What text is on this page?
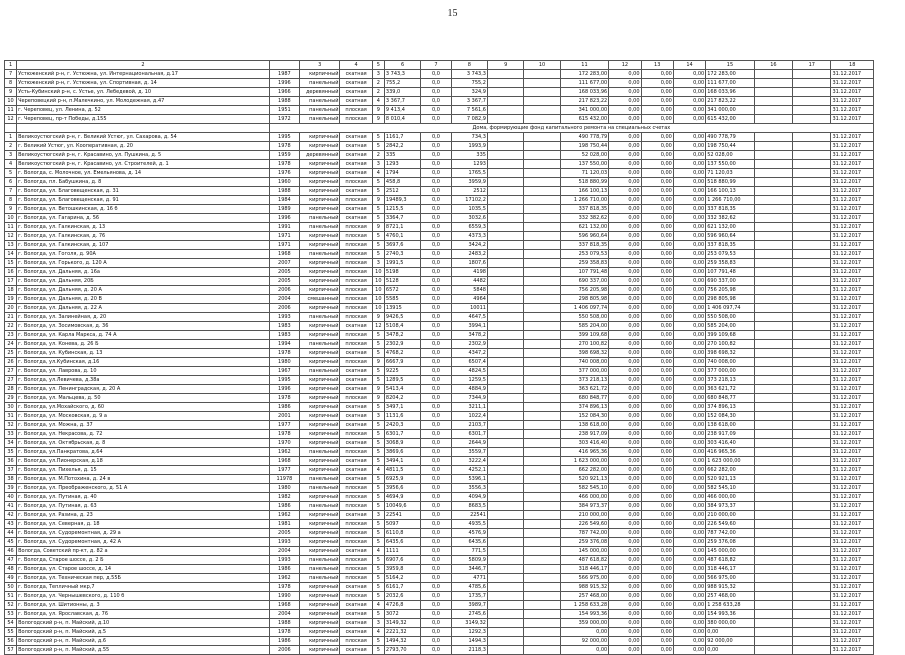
15
1	2		3	4	5	6	7	8	9	10	11	12	13	14	15	16	17	18
7	Устюженский р-н, г. Устюжна, ул. Интернациональная, д.17	1987	кирпичный	скатная	3	3 743,3	0,0	3 743,3			172 283,00	0,00	0,00	0,00	172 283,00			31.12.2017
8	Устюженский р-н, г. Устюжна, ул. Спортивная, д. 14	1996	панельный	скатная	2	755,2	0,0	755,2			111 677,00	0,00	0,00	0,00	111 677,00			31.12.2017
9	Усть-Кубинский р-н, с. Устье, ул. Лебедевой, д. 10	1966	деревянный	скатная	2	339,0	0,0	324,9			168 033,96	0,00	0,00	0,00	168 033,96			31.12.2017
10	Череповецкий р-н, п.Малечкино, ул. Молодежная, д.47	1988	панельный	скатная	4	3 367,7	0,0	3 367,7			217 823,22	0,00	0,00	0,00	217 823,22			31.12.2017
11	г. Череповец, ул. Ленина, д. 52	1951	панельный	плоская	9	9 413,4	0,0	7 561,6			341 000,00	0,00	0,00	0,00	341 000,00			31.12.2017
12	г. Череповец, пр-т Победы, д.155	1972	панельный	плоская	9	8 010,4	0,0	7 082,9			615 432,00	0,00	0,00	0,00	615 432,00			31.12.2017
		Дома, формирующие фонд капитального ремонта на специальных счетах																
1	Великоустюгский р-н, г. Великий Устюг, ул. Сахарова, д. 54	1995	кирпичный	скатная	5	1161,7	0,0	734,3			490 778,79	0,00	0,00	0,00	490 778,79			31.12.2017
2	г. Великий Устюг, ул. Кооперативная, д. 20	1978	кирпичный	скатная	5	2842,2	0,0	1993,9			198 750,44	0,00	0,00	0,00	198 750,44			31.12.2017
3	Великоустюгский р-н, г. Красавино, ул. Пушкина, д. 5	1959	деревянный	скатная	2	335	0,0	335			52 028,00	0,00	0,00	0,00	52 028,00			31.12.2017
4	Великоустюгский р-н, г. Красавино, ул. Строителей, д. 1	1978	кирпичный	скатная	3	1293	0,0	1293			137 550,00	0,00	0,00	0,00	137 550,00			31.12.2017
5	г. Вологда, с. Молочное, ул. Емельянова, д. 14	1976	кирпичный	скатная	4	1794	0,0	1765,5			71 120,03	0,00	0,00	0,00	71 120,03			31.12.2017
6	г. Вологда, пл. Бабушкина, д. 8	1960	кирпичный	плоская	5	458,8	0,0	3959,9			518 880,99	0,00	0,00	0,00	518 880,99			31.12.2017
7	г. Вологда, ул. Благовещенская, д. 31	1988	кирпичный	скатная	5	2512	0,0	2512			166 100,13	0,00	0,00	0,00	166 100,13			31.12.2017
8	г. Вологда, ул. Благовещенская, д. 91	1984	кирпичный	плоская	9	19489,3	0,0	17102,2			1 266 710,00	0,00	0,00	0,00	1 266 710,00			31.12.2017
9	г. Вологда, ул. Ветошкинская, д. 16 б	1989	кирпичный	скатная	5	1215,5	0,0	1035,5			337 818,35	0,00	0,00	0,00	337 818,35			31.12.2017
10	г. Вологда, ул. Гагарина, д. 56	1996	панельный	скатная	5	3364,7	0,0	3032,6			332 382,62	0,00	0,00	0,00	332 382,62			31.12.2017
11	г. Вологда, ул. Галкинская, д. 13	1991	панельный	плоская	9	8721,1	0,0	6559,3			621 132,00	0,00	0,00	0,00	621 132,00			31.12.2017
12	г. Вологда, ул. Галкинская, д. 76	1971	кирпичный	плоская	5	4760,1	0,0	4373,3			596 960,64	0,00	0,00	0,00	596 960,64			31.12.2017
13	г. Вологда, ул. Галкинская, д. 107	1971	кирпичный	плоская	5	3697,6	0,0	3424,2			337 818,35	0,00	0,00	0,00	337 818,35			31.12.2017
14	г. Вологда, ул. Гоголя, д. 90А	1968	панельный	плоская	5	2740,3	0,0	2483,2			253 079,53	0,00	0,00	0,00	253 079,53			31.12.2017
15	г. Вологда, ул. Горького, д. 120 А	2007	кирпичный	плоская	3	1991,5	0,0	1807,6			259 358,83	0,00	0,00	0,00	259 358,83			31.12.2017
16	г. Вологда, ул. Дальняя, д. 16а	2005	кирпичный	плоская	10	5198	0,0	4198			107 791,48	0,00	0,00	0,00	107 791,48			31.12.2017
17	г. Вологда, ул. Дальняя, 20Б	2005	кирпичный	плоская	10	5128	0,0	4482			690 337,00	0,00	0,00	0,00	690 337,00			31.12.2017
18	г. Вологда, ул. Дальняя, д. 20 А	2006	кирпичный	плоская	10	6572	0,0	5848			756 205,98	0,00	0,00	0,00	756 205,98			31.12.2017
19	г. Вологда, ул. Дальняя, д. 20 В	2004	смешанный	плоская	10	5585	0,0	4964			298 805,98	0,00	0,00	0,00	298 805,98			31.12.2017
20	г. Вологда, ул. Дальняя, д. 22 А	2006	кирпичный	плоская	10	13915	0,0	10011			1 406 097,74	0,00	0,00	0,00	1 406 097,74			31.12.2017
21	г. Вологда, ул. Залинейная, д. 20	1993	панельный	плоская	9	9426,5	0,0	4647,5			550 508,00	0,00	0,00	0,00	550 508,00			31.12.2017
22	г. Вологда, ул. Зосимовская, д. 36	1983	кирпичный	скатная	12	5108,4	0,0	3994,1			585 204,00	0,00	0,00	0,00	585 204,00			31.12.2017
23	г. Вологда, ул. Карла Маркса, д. 74 А	1983	кирпичный	плоская	5	3478,2	0,0	3478,2			399 109,68	0,00	0,00	0,00	399 109,68			31.12.2017
24	г. Вологда, ул. Конева, д. 26 Б	1994	панельный	плоская	5	2302,9	0,0	2302,9			270 100,82	0,00	0,00	0,00	270 100,82			31.12.2017
25	г. Вологда, ул. Кубинская, д. 13	1978	кирпичный	скатная	5	4768,2	0,0	4347,2			398 698,32	0,00	0,00	0,00	398 698,32			31.12.2017
26	г. Вологда, ул.Кубинская, д.16	1980	кирпичный	плоская	9	6667,9	0,0	6507,4			740 008,00	0,00	0,00	0,00	740 008,00			31.12.2017
27	г. Вологда, ул. Лаврова, д. 10	1967	панельный	скатная	5	9225	0,0	4824,5			377 000,00	0,00	0,00	0,00	377 000,00			31.12.2017
27	г. Вологда, ул.Левичева, д.38а	1995	кирпичный	скатная	5	1289,5	0,0	1259,5			373 218,13	0,00	0,00	0,00	373 218,13			31.12.2017
28	г. Вологда, ул. Ленинградская, д. 20 А	1996	кирпичный	скатная	9	5413,4	0,0	4884,9			363 621,72	0,00	0,00	0,00	363 621,72			31.12.2017
29	г. Вологда, ул. Мальцева, д. 50	1978	кирпичный	плоская	9	8204,2	0,0	7344,9			680 848,77	0,00	0,00	0,00	680 848,77			31.12.2017
30	г. Вологда, ул.Мохайского, д. 60	1986	кирпичный	скатная	5	3497,1	0,0	3211,1			374 896,13	0,00	0,00	0,00	374 896,13			31.12.2017
31	г. Вологда, ул. Московская, д. 9 а	2001	кирпичный	скатная	3	1131,6	0,0	1022,4			152 084,30	0,00	0,00	0,00	152 084,30			31.12.2017
32	г. Вологда, ул. Можна, д. 37	1977	кирпичный	скатная	5	2420,3	0,0	2103,7			138 618,00	0,00	0,00	0,00	138 618,00			31.12.2017
33	г. Вологда, ул. Некрасова, д. 72	1978	кирпичный	плоская	5	6301,7	0,0	6301,7			238 917,09	0,00	0,00	0,00	238 917,09			31.12.2017
34	г. Вологда, ул. Октябрьская, д. 8	1970	кирпичный	скатная	5	3068,9	0,0	2644,9			303 416,40	0,00	0,00	0,00	303 416,40			31.12.2017
35	г. Вологда, ул.Панкратова, д.64	1962	панельный	плоская	5	3869,6	0,0	3559,7			416 965,36	0,00	0,00	0,00	416 965,36			31.12.2017
36	г. Вологда, ул.Пионерская, д.18	1968	кирпичный	скатная	5	3494,1	0,0	3222,4			1 623 000,00	0,00	0,00	0,00	1 623 000,00			31.12.2017
37	г. Вологда, ул. Пихелья, д. 15	1977	кирпичный	скатная	4	4811,5	0,0	4252,1			662 282,00	0,00	0,00	0,00	662 282,00			31.12.2017
38	г. Вологда, ул. М.Потохина, д. 24 в	11978	панельный	скатная	5	6925,9	0,0	5396,1			520 921,13	0,00	0,00	0,00	520 921,13			31.12.2017
39	г. Вологда, ул. Преображенского, д. 51 А	1980	панельный	плоская	5	3956,6	0,0	3556,3			582 545,10	0,00	0,00	0,00	582 545,10			31.12.2017
40	г. Вологда, ул. Путиная, д. 40	1982	кирпичный	плоская	5	4694,9	0,0	4094,9			466 000,00	0,00	0,00	0,00	466 000,00			31.12.2017
41	г. Вологда, ул. Путиная, д. 63	1986	панельный	плоская	5	10049,6	0,0	8683,5			384 973,37	0,00	0,00	0,00	384 973,37			31.12.2017
42	г. Вологда, ул. Разина, д. 23	1962	кирпичный	скатная	3	22541	0,0	22541			210 000,00	0,00	0,00	0,00	210 000,00			31.12.2017
43	г. Вологда, ул. Северная, д. 18	1981	кирпичный	плоская	5	5097	0,0	4935,5			226 549,60	0,00	0,00	0,00	226 549,60			31.12.2017
44	г. Вологда, ул. Судоремонтная, д. 29 а	2005	кирпичный	плоская	5	6110,8	0,0	4576,9			787 742,00	0,00	0,00	0,00	787 742,00			31.12.2017
45	г. Вологда, ул. Судоремонтная, д. 42 А	1993	кирпичный	плоская	5	6435,6	0,0	6435,6			259 376,08	0,00	0,00	0,00	259 376,08			31.12.2017
46	Вологда, Советский пр-кт, д. 82 а	2004	кирпичный	скатная	4	1111	0,0	771,5			145 000,00	0,00	0,00	0,00	145 000,00			31.12.2017
47	г. Вологда, Старое шоссе, д. 2 Б	1993	панельный	плоская	5	6907,6	0,0	5809,9			487 618,82	0,00	0,00	0,00	487 618,82			31.12.2017
48	г. Вологда, ул. Старое шоссе, д. 14	1986	панельный	плоская	5	3959,8	0,0	3446,7			318 446,17	0,00	0,00	0,00	318 446,17			31.12.2017
49	г. Вологда, ул. Техническая пер, д.55Б	1962	панельный	плоская	5	5164,2	0,0	4771			566 975,00	0,00	0,00	0,00	566 975,00			31.12.2017
50	г. Вологда, Тепличный мкр,7	1978	кирпичный	скатная	5	6161,7	0,0	4785,6			988 915,32	0,00	0,00	0,00	988 915,32			31.12.2017
51	г. Вологда, ул. Чернышевского, д. 110 б	1990	кирпичный	плоская	5	2032,6	0,0	1735,7			257 468,00	0,00	0,00	0,00	257 468,00			31.12.2017
52	г. Вологда, ул. Шитионны, д. 3	1968	кирпичный	скатная	4	4726,8	0,0	3989,7			1 258 633,28	0,00	0,00	0,00	1 258 633,28			31.12.2017
53	г. Вологда, ул. Ярославская, д. 76	2004	кирпичный	скатная	5	3072	0,0	2745,6			154 993,36	0,00	0,00	0,00	154 993,36			31.12.2017
54	Вологодский р-н, п. Майский, д.10	1988	кирпичный	скатная	3	3149,32	0,0	3149,32			359 000,00	0,00	0,00	0,00	380 000,00			31.12.2017
55	Вологодский р-н, п. Майский, д.5	1978	кирпичный	скатная	4	2221,32	0,0	1292,3			0,00	0,00	0,00	0,00	0,00			31.12.2017
56	Вологодский р-н, п. Майский, д.6	1986	кирпичный	плоская	5	1494,32	0,0	1494,3			92 000,00	0,00	0,00	0,00	92 000,00			31.12.2017
57	Вологодский р-н, п. Майский, д.55	2006	кирпичный	скатная	5	2793,70	0,0	2118,3			0,00	0,00	0,00	0,00	0,00			31.12.2017
